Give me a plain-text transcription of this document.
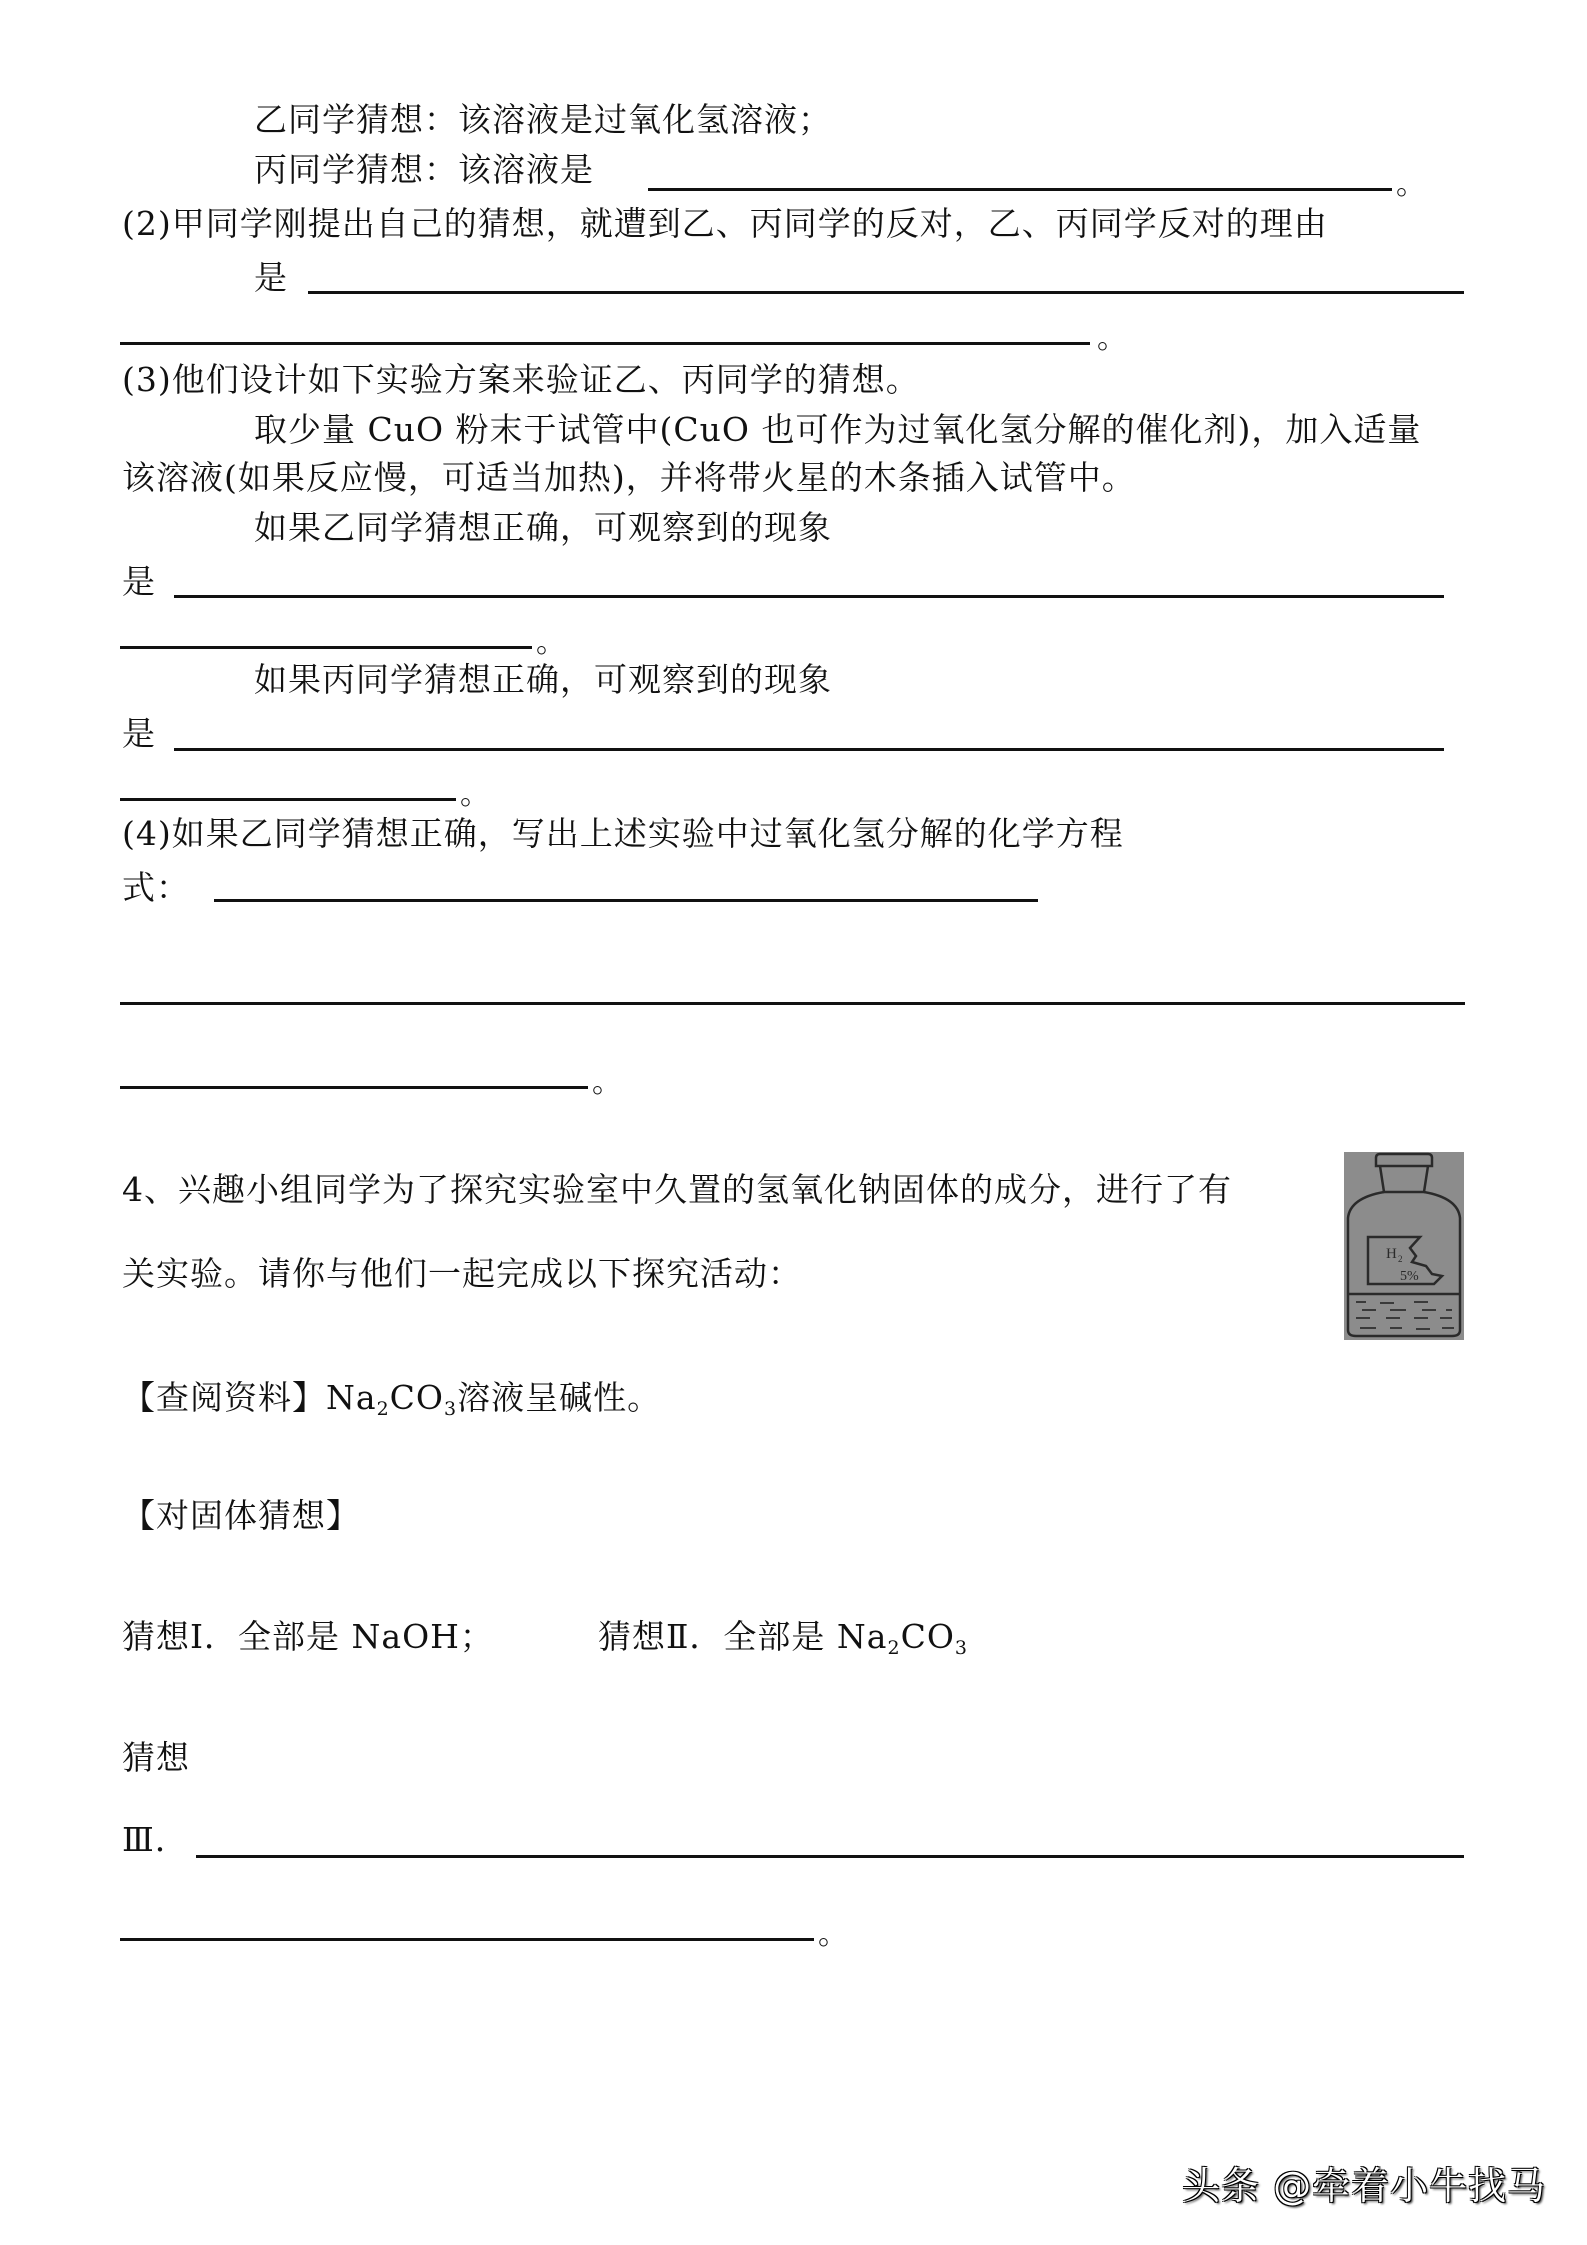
乙同学猜想：该溶液是过氧化氢溶液；
丙同学猜想：该溶液是	。
(2)甲同学刚提出自己的猜想，就遭到乙、丙同学的反对，乙、丙同学反对的理由
是
。
(3)他们设计如下实验方案来验证乙、丙同学的猜想。
取少量 CuO 粉末于试管中(CuO 也可作为过氧化氢分解的催化剂)，加入适量
该溶液(如果反应慢，可适当加热)，并将带火星的木条插入试管中。
如果乙同学猜想正确，可观察到的现象
是
。
如果丙同学猜想正确，可观察到的现象
是
。
(4)如果乙同学猜想正确，写出上述实验中过氧化氢分解的化学方程
式：
。
4、兴趣小组同学为了探究实验室中久置的氢氧化钠固体的成分，进行了有
关实验。请你与他们一起完成以下探究活动：	H 2
5%
【查阅资料】$Na_2CO_3$溶液呈碱性。
【对固体猜想】
猜想Ⅰ．全部是 NaOH；	猜想Ⅱ．全部是 $Na_2CO_3$
猜想
Ⅲ．
。
头条 @牵着小牛找马
